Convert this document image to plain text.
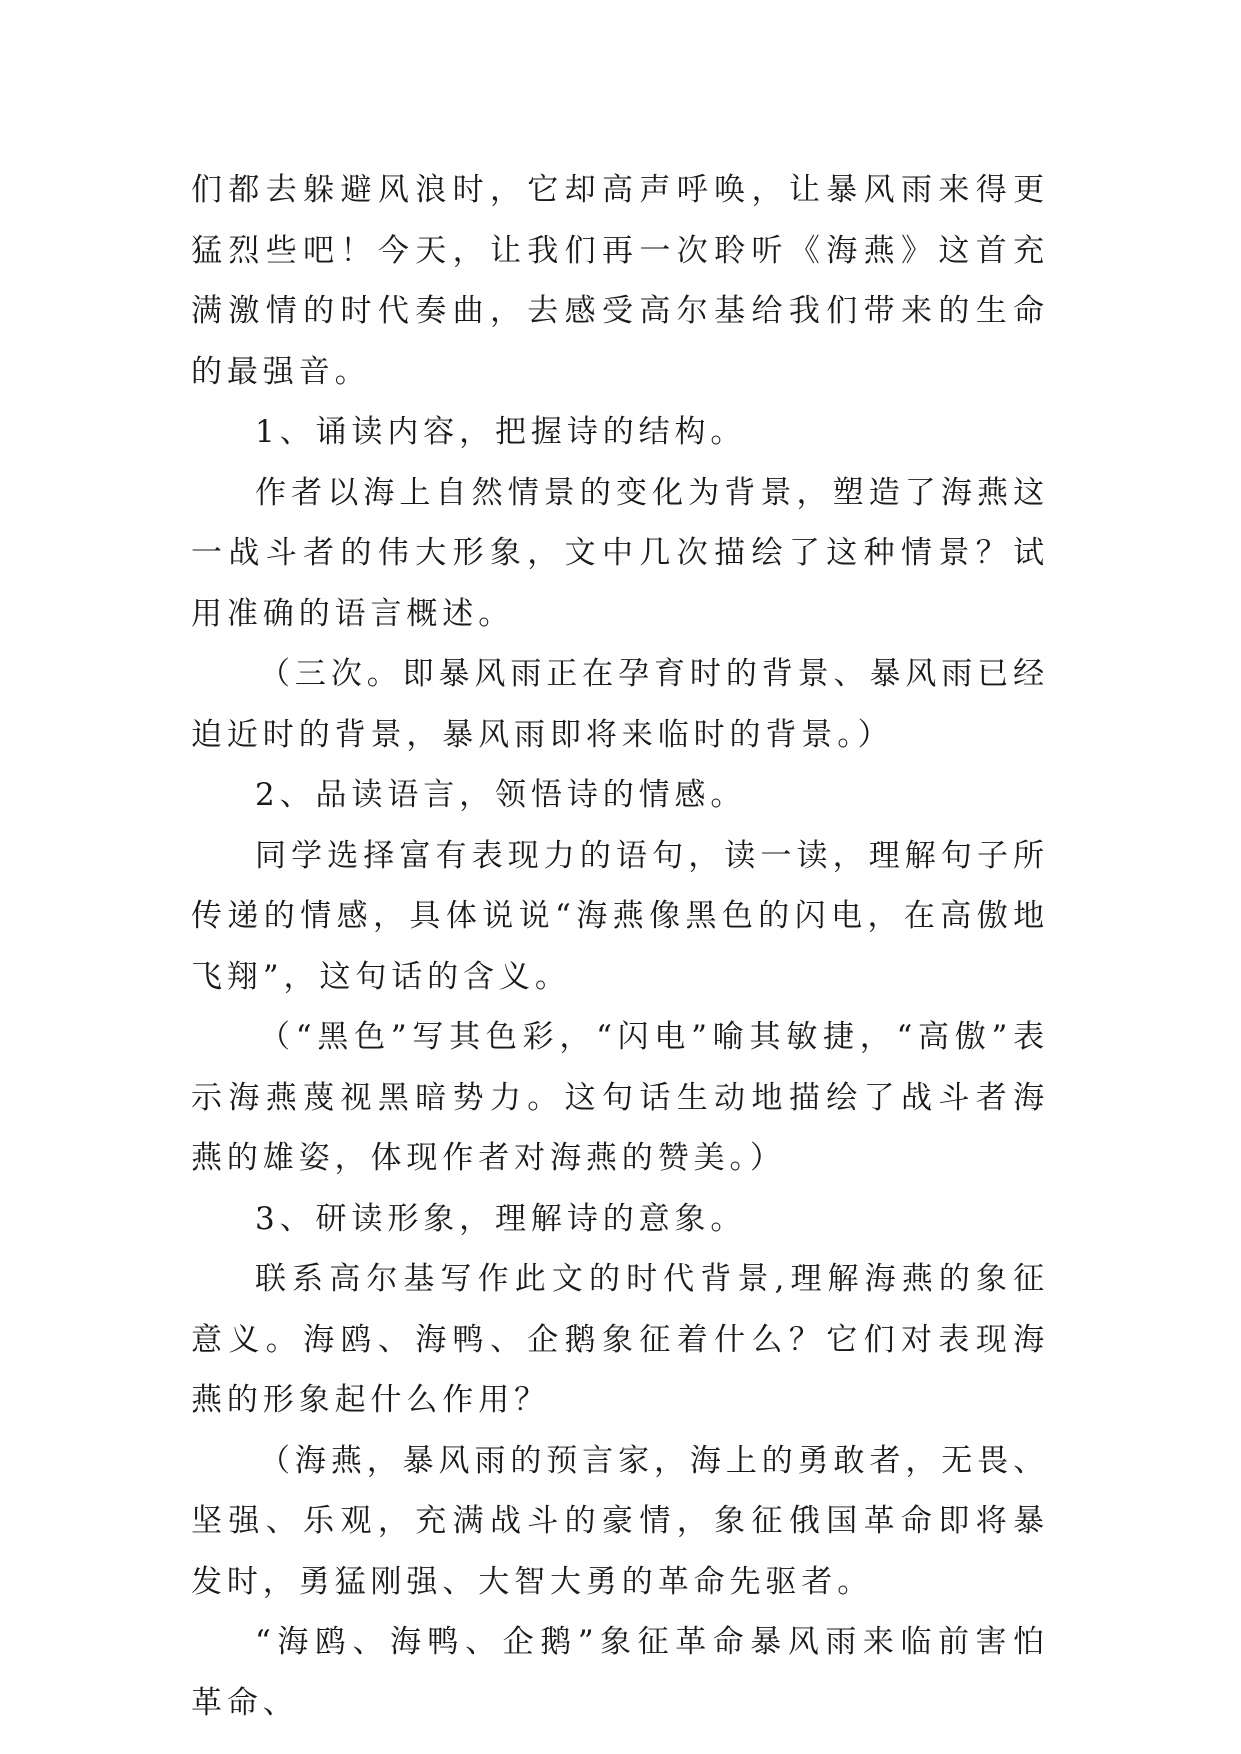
们都去躲避风浪时，它却高声呼唤，让暴风雨来得更猛烈些吧！今天，让我们再一次聆听《海燕》这首充满激情的时代奏曲，去感受高尔基给我们带来的生命的最强音。

1、诵读内容，把握诗的结构。

作者以海上自然情景的变化为背景，塑造了海燕这一战斗者的伟大形象，文中几次描绘了这种情景？试用准确的语言概述。

（三次。即暴风雨正在孕育时的背景、暴风雨已经迫近时的背景，暴风雨即将来临时的背景。）

2、品读语言，领悟诗的情感。

同学选择富有表现力的语句，读一读，理解句子所传递的情感，具体说说“海燕像黑色的闪电，在高傲地飞翔”，这句话的含义。

（“黑色”写其色彩，“闪电”喻其敏捷，“高傲”表示海燕蔑视黑暗势力。这句话生动地描绘了战斗者海燕的雄姿，体现作者对海燕的赞美。）

3、研读形象，理解诗的意象。

联系高尔基写作此文的时代背景,理解海燕的象征意义。海鸥、海鸭、企鹅象征着什么？它们对表现海燕的形象起什么作用？

（海燕，暴风雨的预言家，海上的勇敢者，无畏、坚强、乐观，充满战斗的豪情，象征俄国革命即将暴发时，勇猛刚强、大智大勇的革命先驱者。

“海鸥、海鸭、企鹅”象征革命暴风雨来临前害怕革命、
